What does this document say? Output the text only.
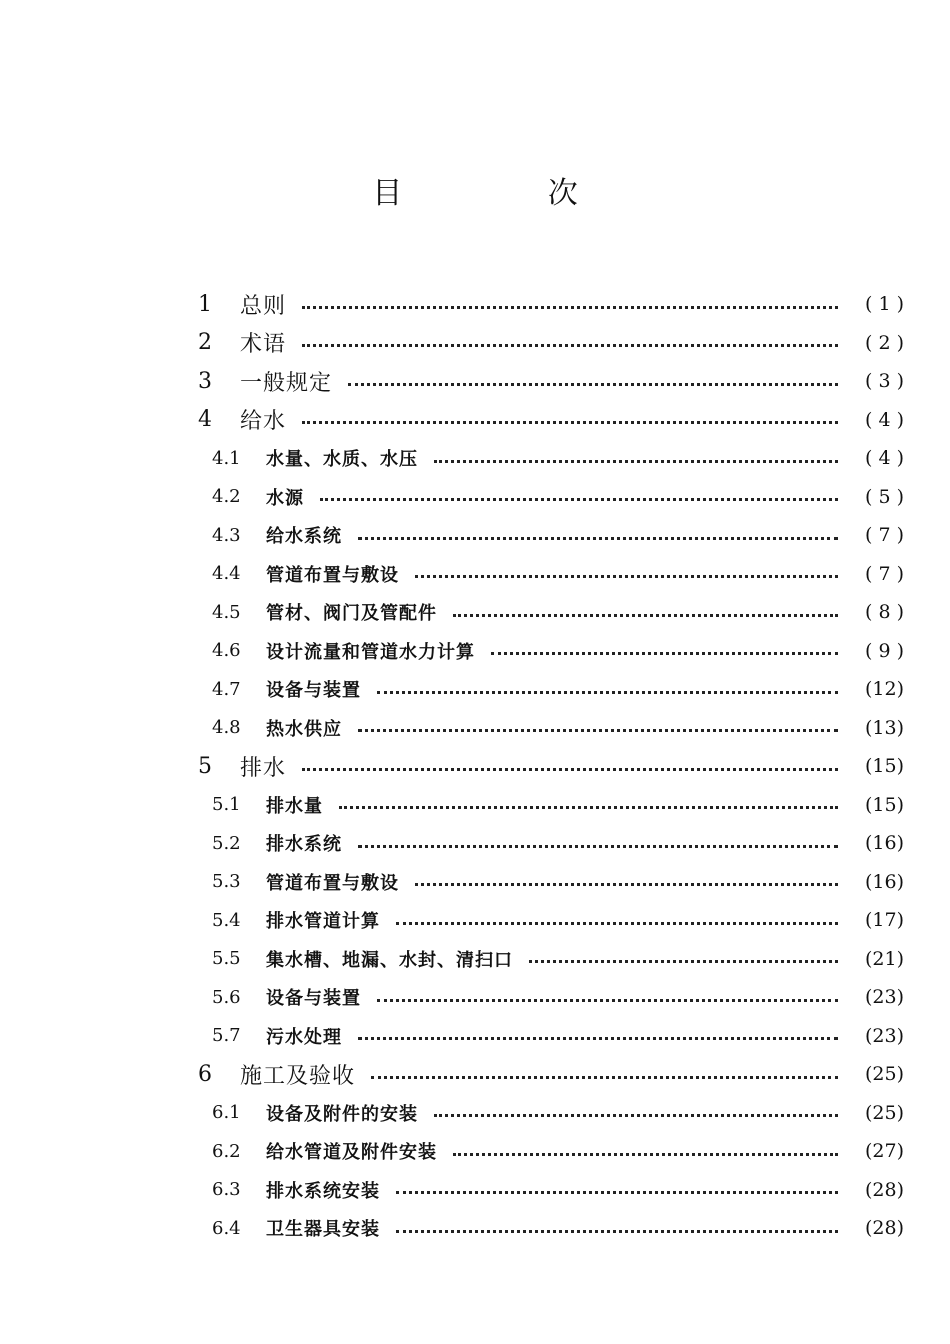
目 次
1	总则	( 1 )
2	术语	( 2 )
3	一般规定	( 3 )
4	给水	( 4 )
4.1	水量、水质、水压	( 4 )
4.2	水源	( 5 )
4.3	给水系统	( 7 )
4.4	管道布置与敷设	( 7 )
4.5	管材、阀门及管配件	( 8 )
4.6	设计流量和管道水力计算	( 9 )
4.7	设备与装置	(12)
4.8	热水供应	(13)
5	排水	(15)
5.1	排水量	(15)
5.2	排水系统	(16)
5.3	管道布置与敷设	(16)
5.4	排水管道计算	(17)
5.5	集水槽、地漏、水封、清扫口	(21)
5.6	设备与装置	(23)
5.7	污水处理	(23)
6	施工及验收	(25)
6.1	设备及附件的安装	(25)
6.2	给水管道及附件安装	(27)
6.3	排水系统安装	(28)
6.4	卫生器具安装	(28)
